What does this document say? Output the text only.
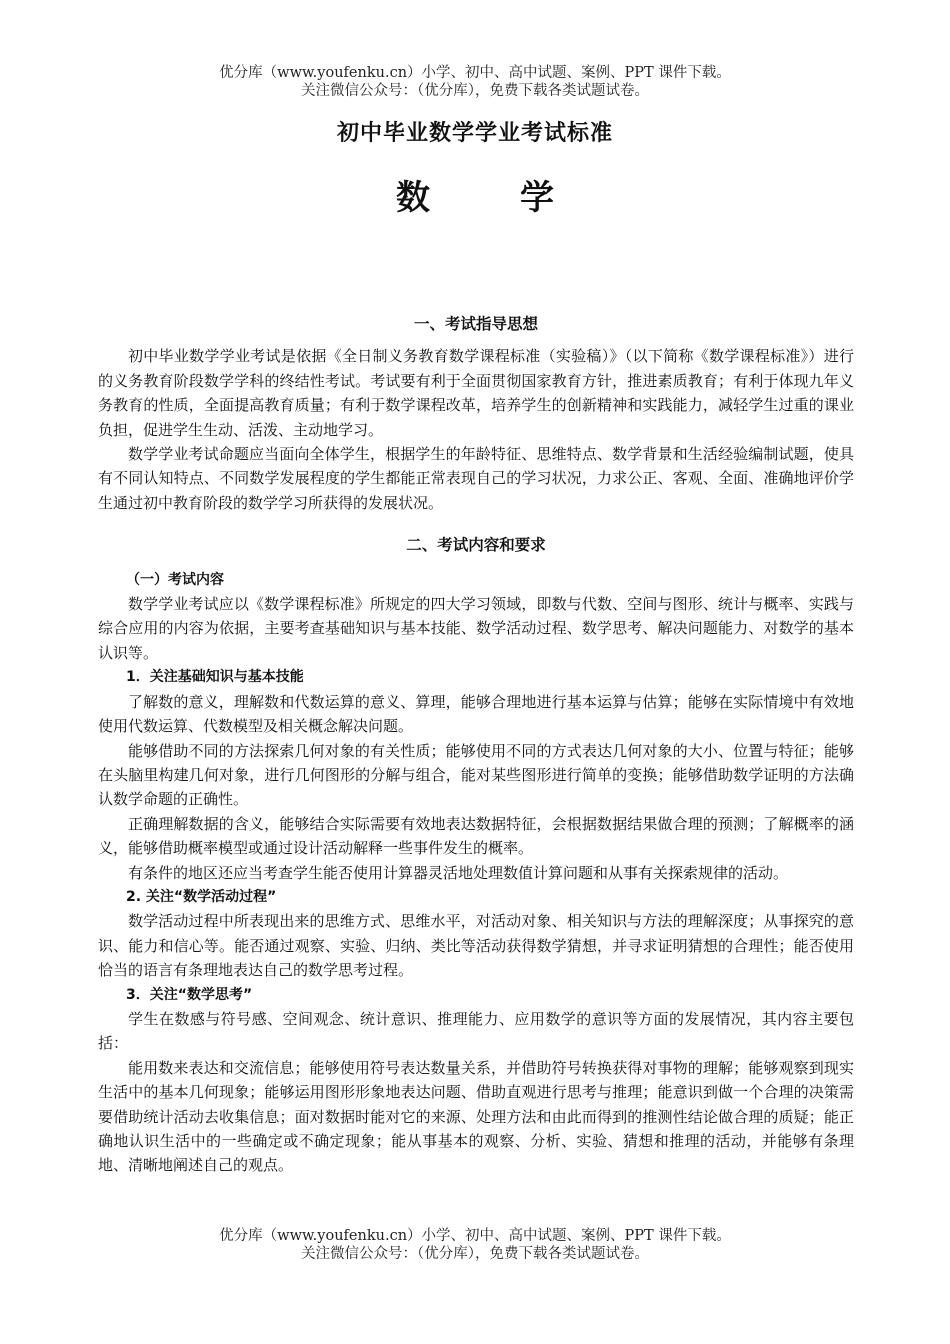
优分库（www.youfenku.cn）小学、初中、高中试题、案例、PPT 课件下载。
关注微信公众号：（优分库），免费下载各类试题试卷。
初中毕业数学学业考试标准
数学
一、考试指导思想

初中毕业数学学业考试是依据《全日制义务教育数学课程标准（实验稿）》（以下简称《数学课程标准》）进行的义务教育阶段数学学科的终结性考试。考试要有利于全面贯彻国家教育方针，推进素质教育；有利于体现九年义务教育的性质，全面提高教育质量；有利于数学课程改革，培养学生的创新精神和实践能力，减轻学生过重的课业负担，促进学生生动、活泼、主动地学习。

数学学业考试命题应当面向全体学生，根据学生的年龄特征、思维特点、数学背景和生活经验编制试题，使具有不同认知特点、不同数学发展程度的学生都能正常表现自己的学习状况，力求公正、客观、全面、准确地评价学生通过初中教育阶段的数学学习所获得的发展状况。

二、考试内容和要求
（一）考试内容

数学学业考试应以《数学课程标准》所规定的四大学习领域，即数与代数、空间与图形、统计与概率、实践与综合应用的内容为依据，主要考查基础知识与基本技能、数学活动过程、数学思考、解决问题能力、对数学的基本认识等。

1．关注基础知识与基本技能

了解数的意义，理解数和代数运算的意义、算理，能够合理地进行基本运算与估算；能够在实际情境中有效地使用代数运算、代数模型及相关概念解决问题。

能够借助不同的方法探索几何对象的有关性质；能够使用不同的方式表达几何对象的大小、位置与特征；能够在头脑里构建几何对象，进行几何图形的分解与组合，能对某些图形进行简单的变换；能够借助数学证明的方法确认数学命题的正确性。

正确理解数据的含义，能够结合实际需要有效地表达数据特征，会根据数据结果做合理的预测；了解概率的涵义，能够借助概率模型或通过设计活动解释一些事件发生的概率。

有条件的地区还应当考查学生能否使用计算器灵活地处理数值计算问题和从事有关探索规律的活动。

2. 关注“数学活动过程”

数学活动过程中所表现出来的思维方式、思维水平，对活动对象、相关知识与方法的理解深度；从事探究的意识、能力和信心等。能否通过观察、实验、归纳、类比等活动获得数学猜想，并寻求证明猜想的合理性；能否使用恰当的语言有条理地表达自己的数学思考过程。

3．关注“数学思考”

学生在数感与符号感、空间观念、统计意识、推理能力、应用数学的意识等方面的发展情况，其内容主要包括：

能用数来表达和交流信息；能够使用符号表达数量关系，并借助符号转换获得对事物的理解；能够观察到现实生活中的基本几何现象；能够运用图形形象地表达问题、借助直观进行思考与推理；能意识到做一个合理的决策需要借助统计活动去收集信息；面对数据时能对它的来源、处理方法和由此而得到的推测性结论做合理的质疑；能正确地认识生活中的一些确定或不确定现象；能从事基本的观察、分析、实验、猜想和推理的活动，并能够有条理地、清晰地阐述自己的观点。

优分库（www.youfenku.cn）小学、初中、高中试题、案例、PPT 课件下载。
关注微信公众号：（优分库），免费下载各类试题试卷。
